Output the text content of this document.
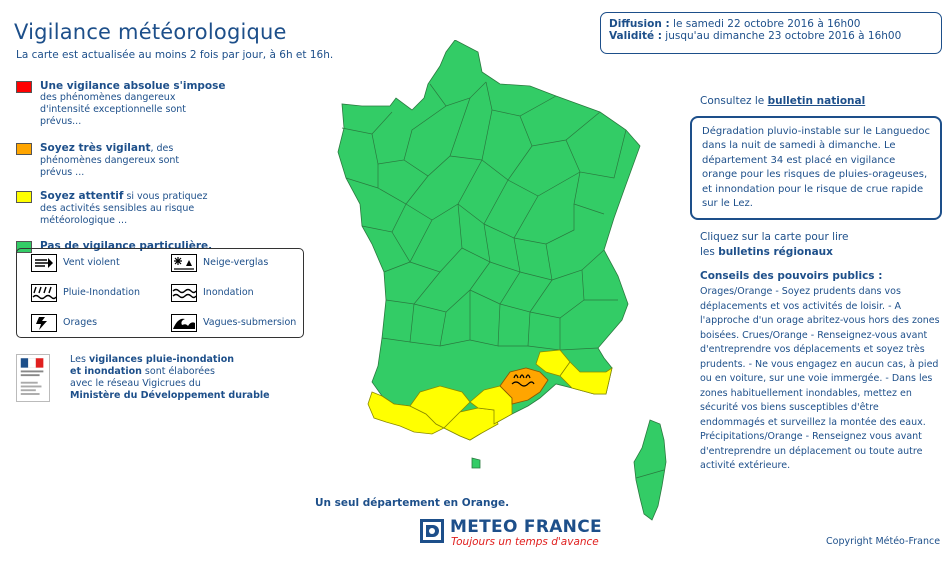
Vigilance météorologique
La carte est actualisée au moins 2 fois par jour, à 6h et 16h.
Une vigilance absolue s'impose
des phénomènes dangereux d'intensité exceptionnelle sont prévus...
Soyez très vigilant, des phénomènes dangereux sont prévus ...
Soyez attentif si vous pratiquez des activités sensibles au risque météorologique ...
Pas de vigilance particulière.
Vent violent	Neige-verglas
Pluie-Inondation	Inondation
Orages	Vagues-submersion
Les vigilances pluie-inondation
et inondation sont élaborées
avec le réseau Vigicrues du
Ministère du Développement durable
Un seul département en Orange.
Diffusion : le samedi 22 octobre 2016 à 16h00
Validité : jusqu'au dimanche 23 octobre 2016 à 16h00
Consultez le bulletin national
Dégradation pluvio-instable sur le Languedoc dans la nuit de samedi à dimanche. Le département 34 est placé en vigilance orange pour les risques de pluies-orageuses, et innondation pour le risque de crue rapide sur le Lez.
Cliquez sur la carte pour lire
les bulletins régionaux
Conseils des pouvoirs publics :
Orages/Orange - Soyez prudents dans vos déplacements et vos activités de loisir. - A l'approche d'un orage abritez-vous hors des zones boisées. Crues/Orange - Renseignez-vous avant d'entreprendre vos déplacements et soyez très prudents. - Ne vous engagez en aucun cas, à pied ou en voiture, sur une voie immergée. - Dans les zones habituellement inondables, mettez en sécurité vos biens susceptibles d'être endommagés et surveillez la montée des eaux. Précipitations/Orange - Renseignez vous avant d'entreprendre un déplacement ou toute autre activité extérieure.
METEO FRANCE
Toujours un temps d'avance	Copyright Météo-France
